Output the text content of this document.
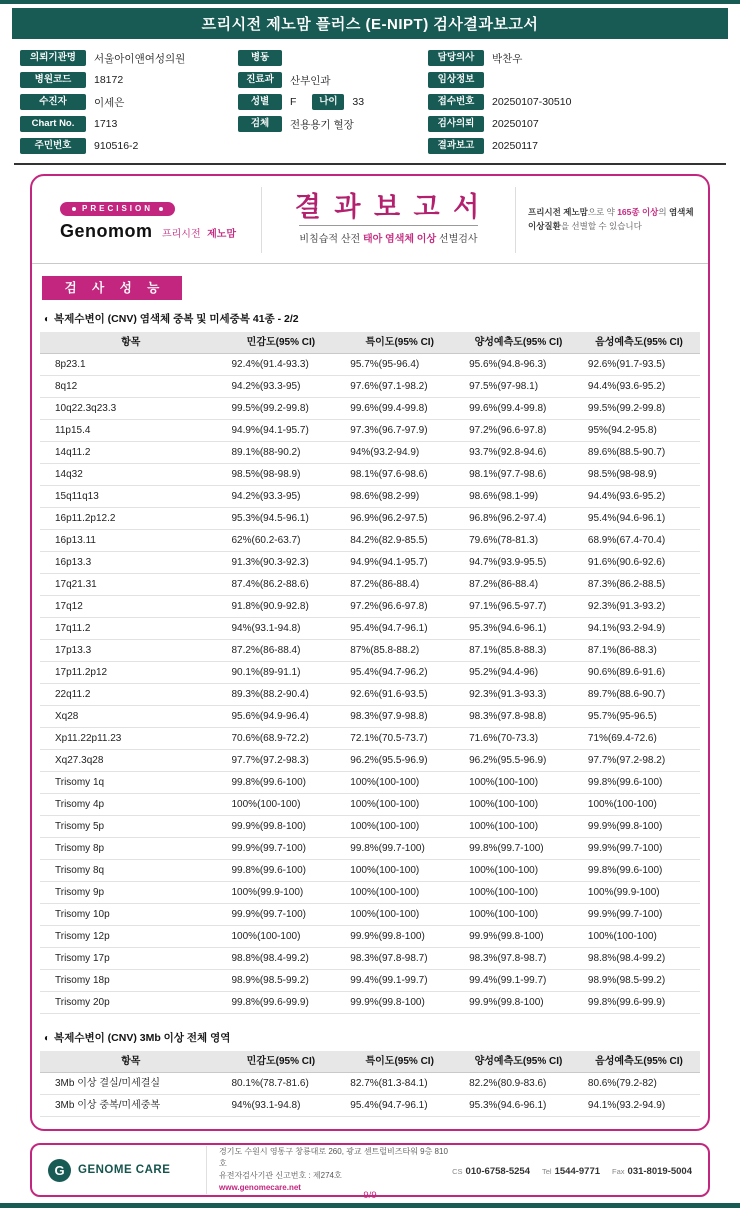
프리시전 제노맘 플러스 (E-NIPT) 검사결과보고서
의뢰기관명	서울아이앤여성의원
병원코드	18172
수진자	이세은
Chart No.	1713
주민번호	910516-2
병동
진료과	산부인과
성별	F	나이	33
검체	전용용기 혈장
담당의사	박찬우
임상정보
접수번호	20250107-30510
검사의뢰	20250107
결과보고	20250117
PRECISION
Genomom 프리시전 제노맘
결 과 보 고 서
비침습적 산전 태아 염색체 이상 선별검사
프리시전 제노맘으로 약 165종 이상의 염색체 이상질환을 선별할 수 있습니다
검 사 성 능
◐ 복제수변이 (CNV) 염색체 중복 및 미세중복 41종 - 2/2
항목	민감도(95% CI)	특이도(95% CI)	양성예측도(95% CI)	음성예측도(95% CI)
8p23.1	92.4%(91.4-93.3)	95.7%(95-96.4)	95.6%(94.8-96.3)	92.6%(91.7-93.5)
8q12	94.2%(93.3-95)	97.6%(97.1-98.2)	97.5%(97-98.1)	94.4%(93.6-95.2)
10q22.3q23.3	99.5%(99.2-99.8)	99.6%(99.4-99.8)	99.6%(99.4-99.8)	99.5%(99.2-99.8)
11p15.4	94.9%(94.1-95.7)	97.3%(96.7-97.9)	97.2%(96.6-97.8)	95%(94.2-95.8)
14q11.2	89.1%(88-90.2)	94%(93.2-94.9)	93.7%(92.8-94.6)	89.6%(88.5-90.7)
14q32	98.5%(98-98.9)	98.1%(97.6-98.6)	98.1%(97.7-98.6)	98.5%(98-98.9)
15q11q13	94.2%(93.3-95)	98.6%(98.2-99)	98.6%(98.1-99)	94.4%(93.6-95.2)
16p11.2p12.2	95.3%(94.5-96.1)	96.9%(96.2-97.5)	96.8%(96.2-97.4)	95.4%(94.6-96.1)
16p13.11	62%(60.2-63.7)	84.2%(82.9-85.5)	79.6%(78-81.3)	68.9%(67.4-70.4)
16p13.3	91.3%(90.3-92.3)	94.9%(94.1-95.7)	94.7%(93.9-95.5)	91.6%(90.6-92.6)
17q21.31	87.4%(86.2-88.6)	87.2%(86-88.4)	87.2%(86-88.4)	87.3%(86.2-88.5)
17q12	91.8%(90.9-92.8)	97.2%(96.6-97.8)	97.1%(96.5-97.7)	92.3%(91.3-93.2)
17q11.2	94%(93.1-94.8)	95.4%(94.7-96.1)	95.3%(94.6-96.1)	94.1%(93.2-94.9)
17p13.3	87.2%(86-88.4)	87%(85.8-88.2)	87.1%(85.8-88.3)	87.1%(86-88.3)
17p11.2p12	90.1%(89-91.1)	95.4%(94.7-96.2)	95.2%(94.4-96)	90.6%(89.6-91.6)
22q11.2	89.3%(88.2-90.4)	92.6%(91.6-93.5)	92.3%(91.3-93.3)	89.7%(88.6-90.7)
Xq28	95.6%(94.9-96.4)	98.3%(97.9-98.8)	98.3%(97.8-98.8)	95.7%(95-96.5)
Xp11.22p11.23	70.6%(68.9-72.2)	72.1%(70.5-73.7)	71.6%(70-73.3)	71%(69.4-72.6)
Xq27.3q28	97.7%(97.2-98.3)	96.2%(95.5-96.9)	96.2%(95.5-96.9)	97.7%(97.2-98.2)
Trisomy 1q	99.8%(99.6-100)	100%(100-100)	100%(100-100)	99.8%(99.6-100)
Trisomy 4p	100%(100-100)	100%(100-100)	100%(100-100)	100%(100-100)
Trisomy 5p	99.9%(99.8-100)	100%(100-100)	100%(100-100)	99.9%(99.8-100)
Trisomy 8p	99.9%(99.7-100)	99.8%(99.7-100)	99.8%(99.7-100)	99.9%(99.7-100)
Trisomy 8q	99.8%(99.6-100)	100%(100-100)	100%(100-100)	99.8%(99.6-100)
Trisomy 9p	100%(99.9-100)	100%(100-100)	100%(100-100)	100%(99.9-100)
Trisomy 10p	99.9%(99.7-100)	100%(100-100)	100%(100-100)	99.9%(99.7-100)
Trisomy 12p	100%(100-100)	99.9%(99.8-100)	99.9%(99.8-100)	100%(100-100)
Trisomy 17p	98.8%(98.4-99.2)	98.3%(97.8-98.7)	98.3%(97.8-98.7)	98.8%(98.4-99.2)
Trisomy 18p	98.9%(98.5-99.2)	99.4%(99.1-99.7)	99.4%(99.1-99.7)	98.9%(98.5-99.2)
Trisomy 20p	99.8%(99.6-99.9)	99.9%(99.8-100)	99.9%(99.8-100)	99.8%(99.6-99.9)
◐ 복제수변이 (CNV) 3Mb 이상 전체 영역
항목	민감도(95% CI)	특이도(95% CI)	양성예측도(95% CI)	음성예측도(95% CI)
3Mb 이상 결실/미세결실	80.1%(78.7-81.6)	82.7%(81.3-84.1)	82.2%(80.9-83.6)	80.6%(79.2-82)
3Mb 이상 중복/미세중복	94%(93.1-94.8)	95.4%(94.7-96.1)	95.3%(94.6-96.1)	94.1%(93.2-94.9)
G	GENOME CARE
경기도 수원시 영통구 창룡대로 260, 광교 센트럴비즈타워 9층 810호
유전자검사기관 신고번호 : 제274호
www.genomecare.net
CS 010-6758-5254 Tel 1544-9771 Fax 031-8019-5004
9/9
